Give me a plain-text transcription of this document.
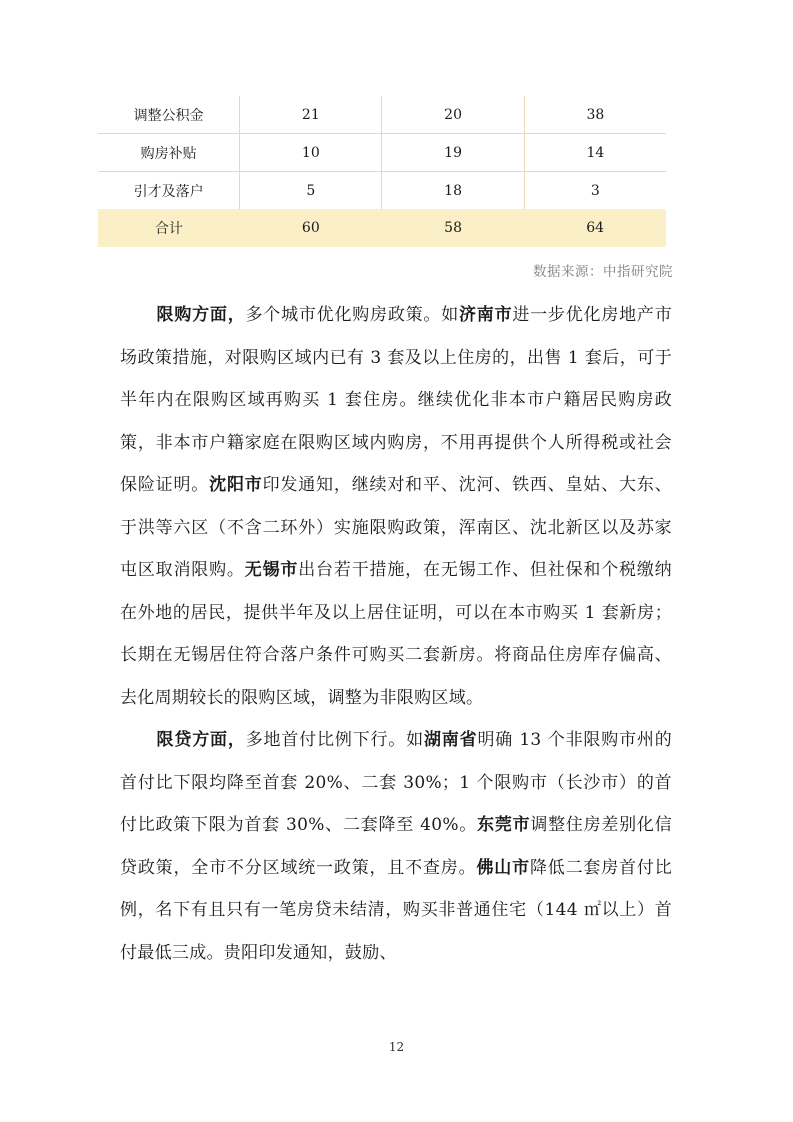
调整公积金	21	20	38
购房补贴	10	19	14
引才及落户	5	18	3
合计	60	58	64
数据来源：中指研究院

限购方面，多个城市优化购房政策。如济南市进一步优化房地产市场政策措施，对限购区域内已有 3 套及以上住房的，出售 1 套后，可于半年内在限购区域再购买 1 套住房。继续优化非本市户籍居民购房政策，非本市户籍家庭在限购区域内购房，不用再提供个人所得税或社会保险证明。沈阳市印发通知，继续对和平、沈河、铁西、皇姑、大东、于洪等六区（不含二环外）实施限购政策，浑南区、沈北新区以及苏家屯区取消限购。无锡市出台若干措施，在无锡工作、但社保和个税缴纳在外地的居民，提供半年及以上居住证明，可以在本市购买 1 套新房；长期在无锡居住符合落户条件可购买二套新房。将商品住房库存偏高、去化周期较长的限购区域，调整为非限购区域。

限贷方面，多地首付比例下行。如湖南省明确 13 个非限购市州的首付比下限均降至首套 20%、二套 30%；1 个限购市（长沙市）的首付比政策下限为首套 30%、二套降至 40%。东莞市调整住房差别化信贷政策，全市不分区域统一政策，且不查房。佛山市降低二套房首付比例，名下有且只有一笔房贷未结清，购买非普通住宅（144 ㎡以上）首付最低三成。贵阳印发通知，鼓励、

12
